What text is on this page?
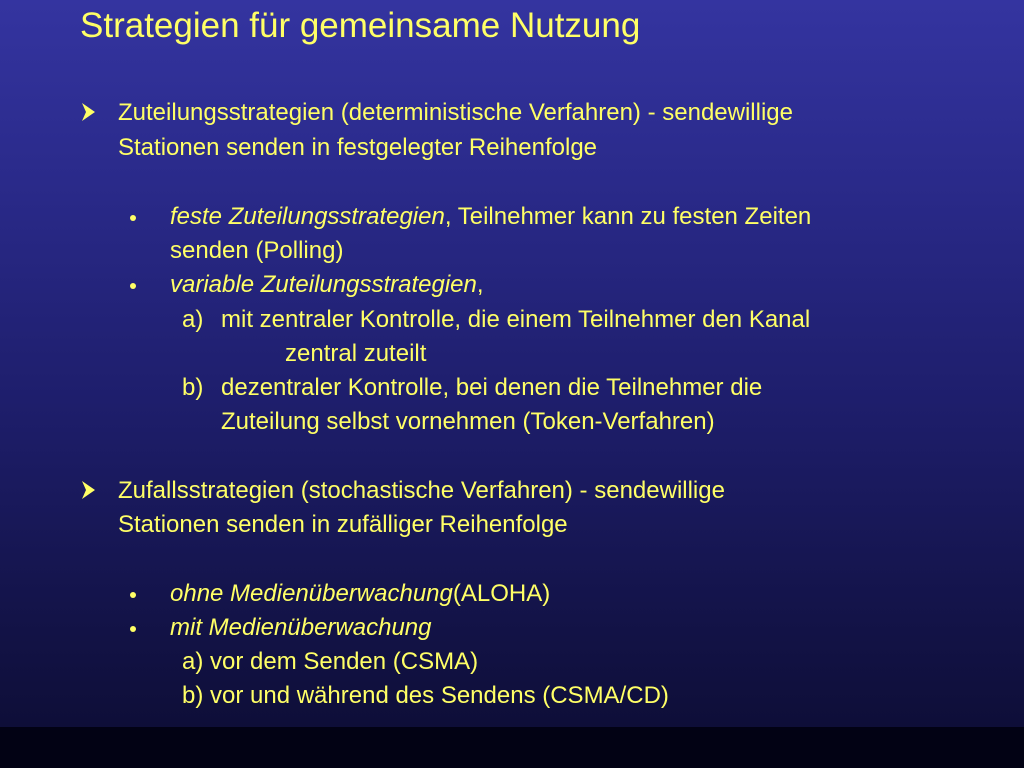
Strategien für gemeinsame Nutzung
Zuteilungsstrategien (deterministische Verfahren) - sendewillige
Stationen senden in festgelegter Reihenfolge
feste Zuteilungsstrategien, Teilnehmer kann zu festen Zeiten
senden (Polling)
variable Zuteilungsstrategien,
a) mit zentraler Kontrolle, die einem Teilnehmer den Kanal
zentral zuteilt
b) dezentraler Kontrolle, bei denen die Teilnehmer die
Zuteilung selbst vornehmen (Token-Verfahren)
Zufallsstrategien (stochastische Verfahren) - sendewillige
Stationen senden in zufälliger Reihenfolge
ohne Medienüberwachung(ALOHA)
mit Medienüberwachung
a) vor dem Senden (CSMA)
b) vor und während des Sendens (CSMA/CD)
